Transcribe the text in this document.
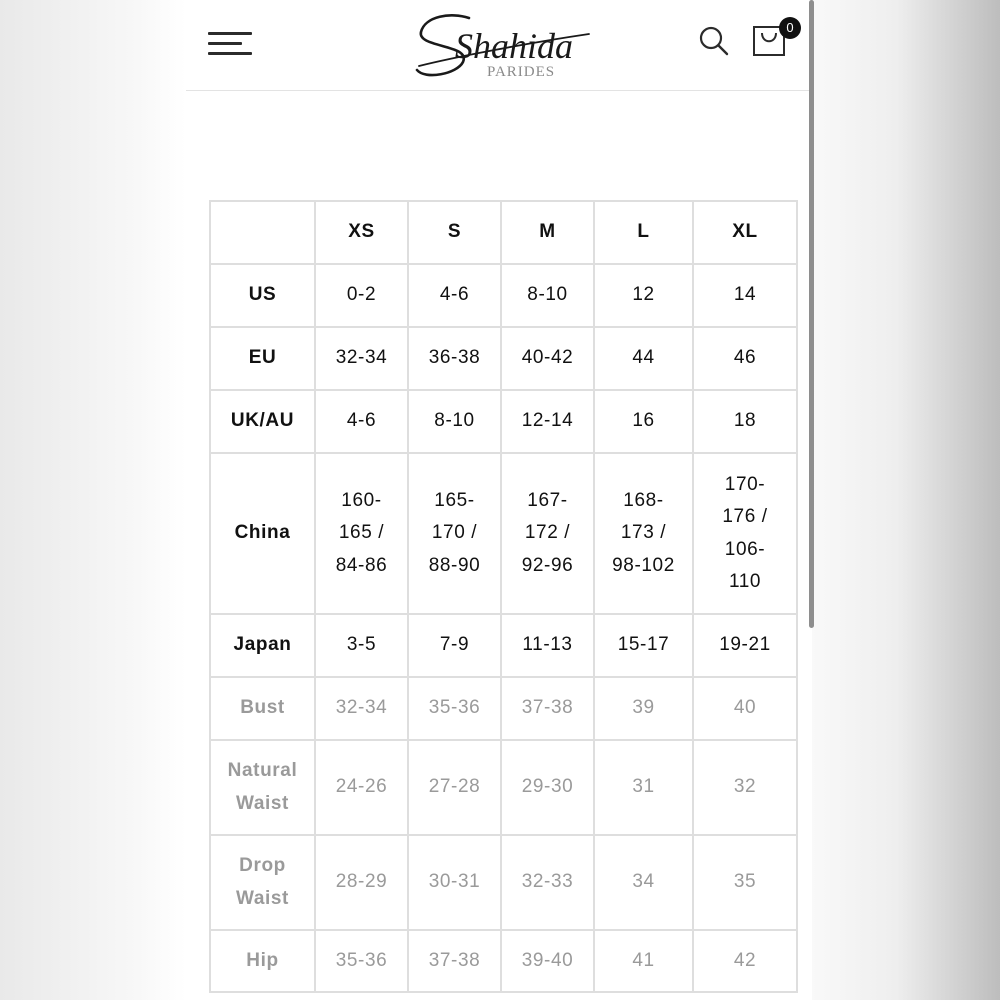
Shahida
PARIDES
0
	XS	S	M	L	XL
US	0-2	4-6	8-10	12	14
EU	32-34	36-38	40-42	44	46
UK/AU	4-6	8-10	12-14	16	18
China	160-
165 /
84-86	165-
170 /
88-90	167-
172 /
92-96	168-
173 /
98-102	170-
176 /
106-
110
Japan	3-5	7-9	11-13	15-17	19-21
Bust	32-34	35-36	37-38	39	40
Natural
Waist	24-26	27-28	29-30	31	32
Drop
Waist	28-29	30-31	32-33	34	35
Hip	35-36	37-38	39-40	41	42
